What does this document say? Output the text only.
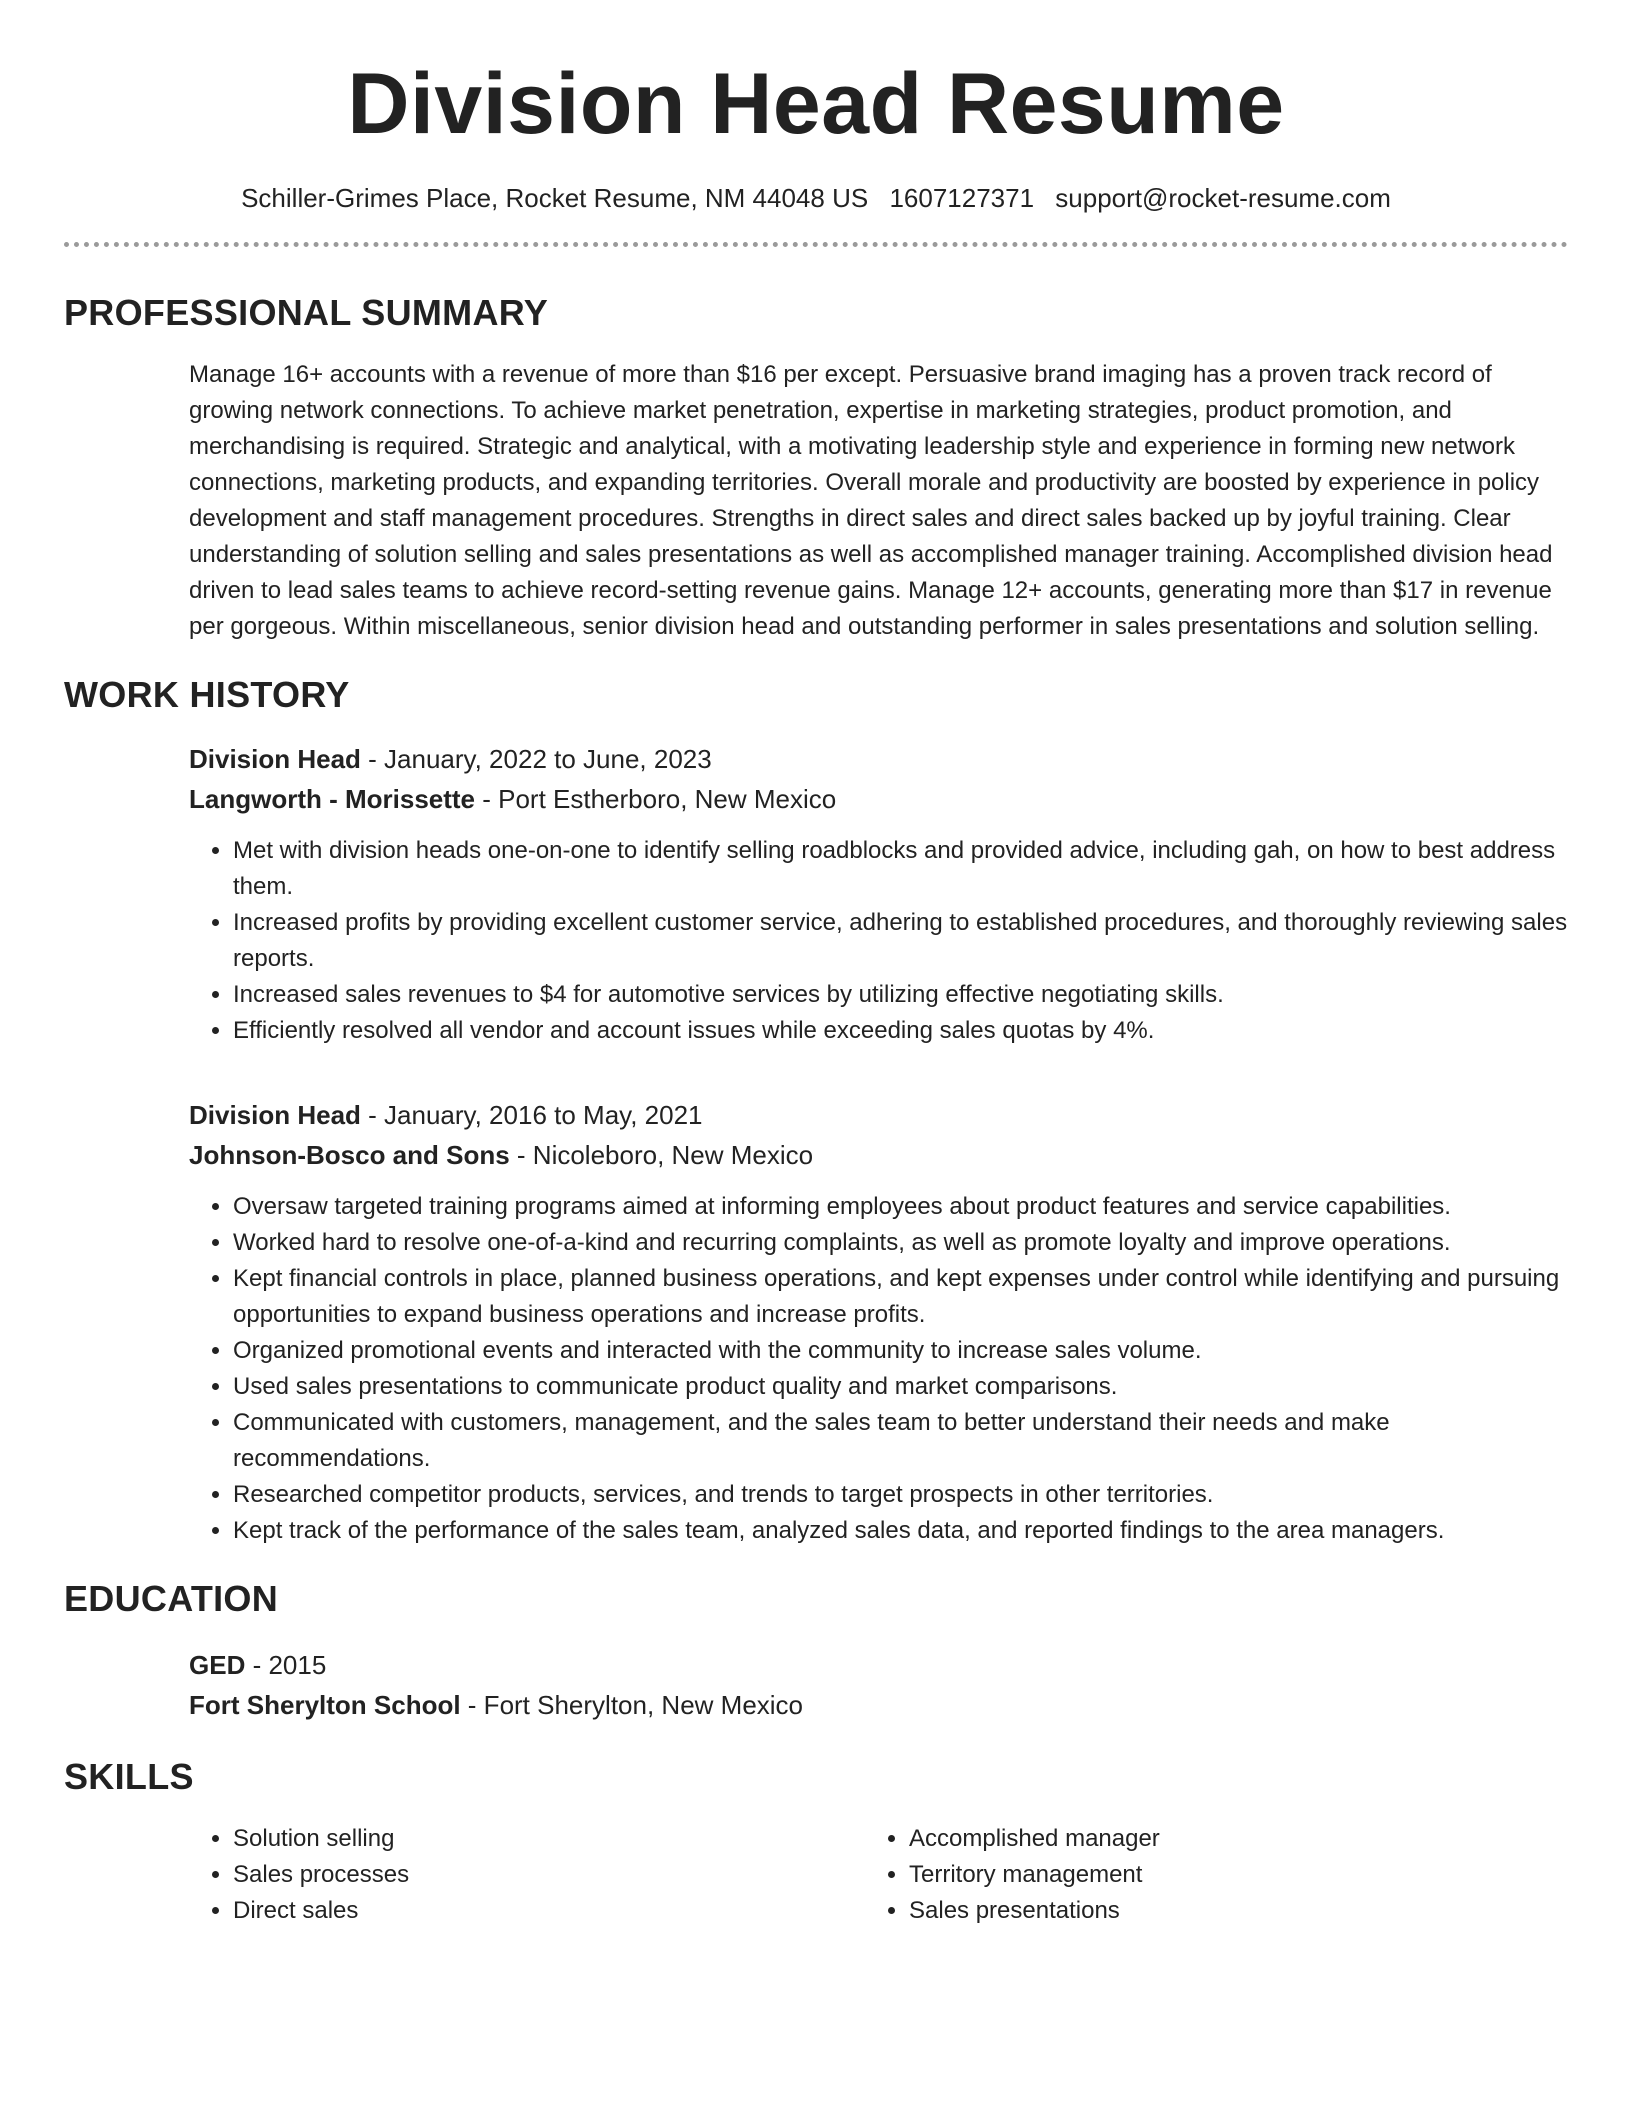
Division Head Resume
Schiller-Grimes Place, Rocket Resume, NM 44048 US 1607127371 support@rocket-resume.com
PROFESSIONAL SUMMARY

Manage 16+ accounts with a revenue of more than $16 per except. Persuasive brand imaging has a proven track record of growing network connections. To achieve market penetration, expertise in marketing strategies, product promotion, and merchandising is required. Strategic and analytical, with a motivating leadership style and experience in forming new network connections, marketing products, and expanding territories. Overall morale and productivity are boosted by experience in policy development and staff management procedures. Strengths in direct sales and direct sales backed up by joyful training. Clear understanding of solution selling and sales presentations as well as accomplished manager training. Accomplished division head driven to lead sales teams to achieve record-setting revenue gains. Manage 12+ accounts, generating more than $17 in revenue per gorgeous. Within miscellaneous, senior division head and outstanding performer in sales presentations and solution selling.

WORK HISTORY
Division Head - January, 2022 to June, 2023
Langworth - Morissette - Port Estherboro, New Mexico
• Met with division heads one-on-one to identify selling roadblocks and provided advice, including gah, on how to best address them.
• Increased profits by providing excellent customer service, adhering to established procedures, and thoroughly reviewing sales reports.
• Increased sales revenues to $4 for automotive services by utilizing effective negotiating skills.
• Efficiently resolved all vendor and account issues while exceeding sales quotas by 4%.
Division Head - January, 2016 to May, 2021
Johnson-Bosco and Sons - Nicoleboro, New Mexico
• Oversaw targeted training programs aimed at informing employees about product features and service capabilities.
• Worked hard to resolve one-of-a-kind and recurring complaints, as well as promote loyalty and improve operations.
• Kept financial controls in place, planned business operations, and kept expenses under control while identifying and pursuing opportunities to expand business operations and increase profits.
• Organized promotional events and interacted with the community to increase sales volume.
• Used sales presentations to communicate product quality and market comparisons.
• Communicated with customers, management, and the sales team to better understand their needs and make recommendations.
• Researched competitor products, services, and trends to target prospects in other territories.
• Kept track of the performance of the sales team, analyzed sales data, and reported findings to the area managers.
EDUCATION
GED - 2015
Fort Sherylton School - Fort Sherylton, New Mexico
SKILLS
• Solution selling
• Sales processes
• Direct sales
• Accomplished manager
• Territory management
• Sales presentations
